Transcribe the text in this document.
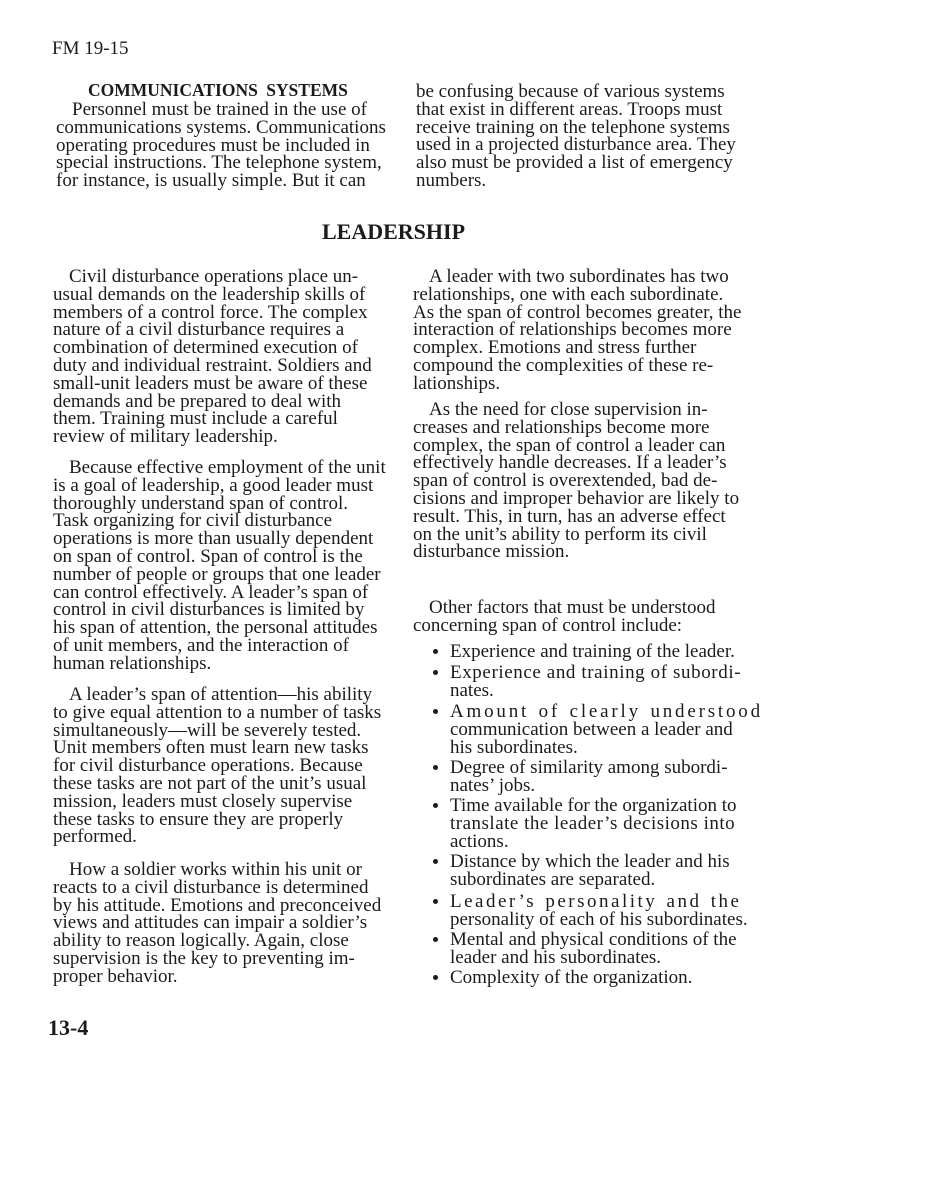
FM 19-15
COMMUNICATIONS SYSTEMS
Personnel must be trained in the use of
communications systems. Communications
operating procedures must be included in
special instructions. The telephone system,
for instance, is usually simple. But it can
be confusing because of various systems
that exist in different areas. Troops must
receive training on the telephone systems
used in a projected disturbance area. They
also must be provided a list of emergency
numbers.
LEADERSHIP
Civil disturbance operations place un-
usual demands on the leadership skills of
members of a control force. The complex
nature of a civil disturbance requires a
combination of determined execution of
duty and individual restraint. Soldiers and
small-unit leaders must be aware of these
demands and be prepared to deal with
them. Training must include a careful
review of military leadership.
Because effective employment of the unit
is a goal of leadership, a good leader must
thoroughly understand span of control.
Task organizing for civil disturbance
operations is more than usually dependent
on span of control. Span of control is the
number of people or groups that one leader
can control effectively. A leader’s span of
control in civil disturbances is limited by
his span of attention, the personal attitudes
of unit members, and the interaction of
human relationships.
A leader’s span of attention—his ability
to give equal attention to a number of tasks
simultaneously—will be severely tested.
Unit members often must learn new tasks
for civil disturbance operations. Because
these tasks are not part of the unit’s usual
mission, leaders must closely supervise
these tasks to ensure they are properly
performed.
How a soldier works within his unit or
reacts to a civil disturbance is determined
by his attitude. Emotions and preconceived
views and attitudes can impair a soldier’s
ability to reason logically. Again, close
supervision is the key to preventing im-
proper behavior.
A leader with two subordinates has two
relationships, one with each subordinate.
As the span of control becomes greater, the
interaction of relationships becomes more
complex. Emotions and stress further
compound the complexities of these re-
lationships.
As the need for close supervision in-
creases and relationships become more
complex, the span of control a leader can
effectively handle decreases. If a leader’s
span of control is overextended, bad de-
cisions and improper behavior are likely to
result. This, in turn, has an adverse effect
on the unit’s ability to perform its civil
disturbance mission.
Other factors that must be understood
concerning span of control include:
Experience and training of the leader.
Experience and training of subordi-
nates.
Amount of clearly understood
communication between a leader and
his subordinates.
Degree of similarity among subordi-
nates’ jobs.
Time available for the organization to
translate the leader’s decisions into
actions.
Distance by which the leader and his
subordinates are separated.
Leader’s personality and the
personality of each of his subordinates.
Mental and physical conditions of the
leader and his subordinates.
Complexity of the organization.
13-4
